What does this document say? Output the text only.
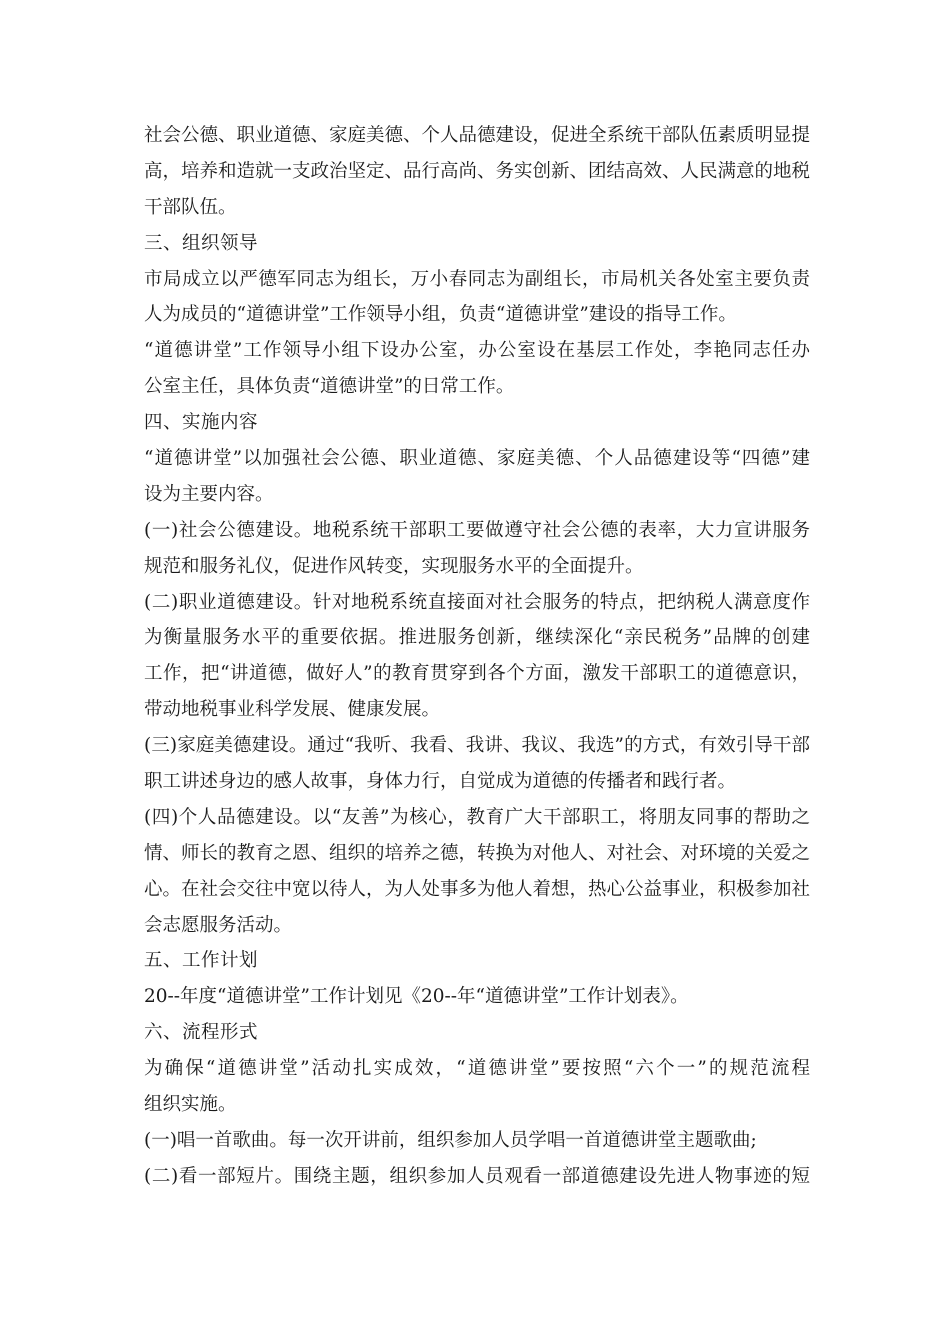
社会公德、职业道德、家庭美德、个人品德建设，促进全系统干部队伍素质明显提
高，培养和造就一支政治坚定、品行高尚、务实创新、团结高效、人民满意的地税
干部队伍。
三、组织领导
市局成立以严德军同志为组长，万小春同志为副组长，市局机关各处室主要负责
人为成员的“道德讲堂”工作领导小组，负责“道德讲堂”建设的指导工作。
“道德讲堂”工作领导小组下设办公室，办公室设在基层工作处，李艳同志任办
公室主任，具体负责“道德讲堂”的日常工作。
四、实施内容
“道德讲堂”以加强社会公德、职业道德、家庭美德、个人品德建设等“四德”建
设为主要内容。
(一)社会公德建设。地税系统干部职工要做遵守社会公德的表率，大力宣讲服务
规范和服务礼仪，促进作风转变，实现服务水平的全面提升。
(二)职业道德建设。针对地税系统直接面对社会服务的特点，把纳税人满意度作
为衡量服务水平的重要依据。推进服务创新，继续深化“亲民税务”品牌的创建
工作，把“讲道德，做好人”的教育贯穿到各个方面，激发干部职工的道德意识，
带动地税事业科学发展、健康发展。
(三)家庭美德建设。通过“我听、我看、我讲、我议、我选”的方式，有效引导干部
职工讲述身边的感人故事，身体力行，自觉成为道德的传播者和践行者。
(四)个人品德建设。以“友善”为核心，教育广大干部职工，将朋友同事的帮助之
情、师长的教育之恩、组织的培养之德，转换为对他人、对社会、对环境的关爱之
心。在社会交往中宽以待人，为人处事多为他人着想，热心公益事业，积极参加社
会志愿服务活动。
五、工作计划
20--年度“道德讲堂”工作计划见《20--年“道德讲堂”工作计划表》。
六、流程形式
为确保“道德讲堂”活动扎实成效，“道德讲堂”要按照“六个一”的规范流程
组织实施。
(一)唱一首歌曲。每一次开讲前，组织参加人员学唱一首道德讲堂主题歌曲;
(二)看一部短片。围绕主题，组织参加人员观看一部道德建设先进人物事迹的短
